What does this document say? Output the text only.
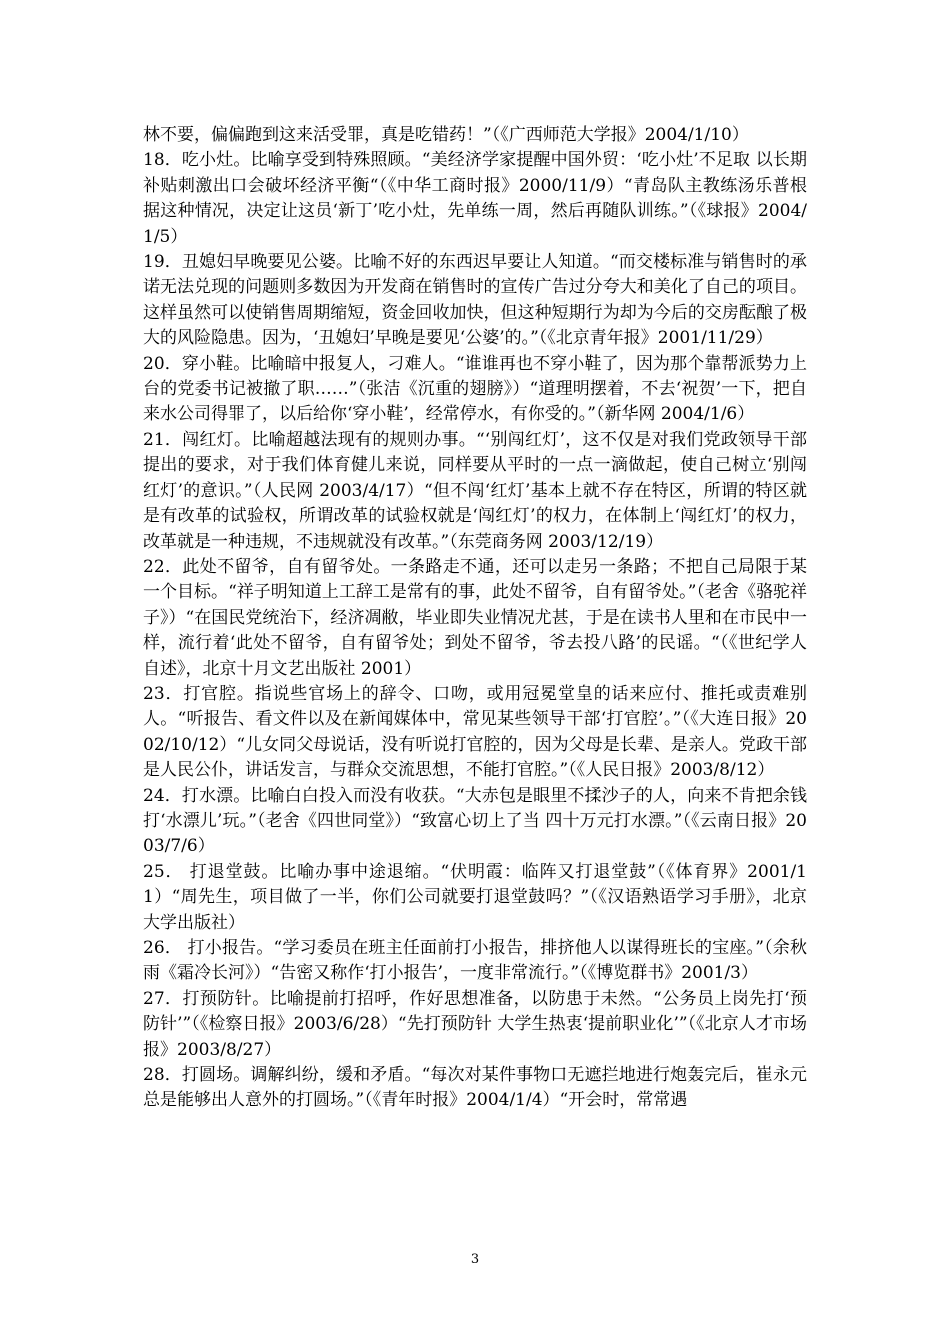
林不要，偏偏跑到这来活受罪，真是吃错药！”（《广西师范大学报》2004/1/10）

18．吃小灶。比喻享受到特殊照顾。“美经济学家提醒中国外贸：‘吃小灶’不足取 以长期补贴刺激出口会破坏经济平衡“（《中华工商时报》2000/11/9）“青岛队主教练汤乐普根据这种情况，决定让这员‘新丁’吃小灶，先单练一周，然后再随队训练。”（《球报》2004/1/5）

19．丑媳妇早晚要见公婆。比喻不好的东西迟早要让人知道。“而交楼标准与销售时的承诺无法兑现的问题则多数因为开发商在销售时的宣传广告过分夸大和美化了自己的项目。这样虽然可以使销售周期缩短，资金回收加快，但这种短期行为却为今后的交房酝酿了极大的风险隐患。因为，‘丑媳妇’早晚是要见‘公婆’的。”（《北京青年报》2001/11/29）

20．穿小鞋。比喻暗中报复人，刁难人。“谁谁再也不穿小鞋了，因为那个靠帮派势力上台的党委书记被撤了职……”（张洁《沉重的翅膀》）“道理明摆着，不去‘祝贺’一下，把自来水公司得罪了，以后给你‘穿小鞋’，经常停水，有你受的。”（新华网 2004/1/6）

21．闯红灯。比喻超越法现有的规则办事。“‘别闯红灯’，这不仅是对我们党政领导干部提出的要求，对于我们体育健儿来说，同样要从平时的一点一滴做起，使自己树立‘别闯红灯’的意识。”（人民网 2003/4/17）“但不闯‘红灯’基本上就不存在特区，所谓的特区就是有改革的试验权，所谓改革的试验权就是‘闯红灯’的权力，在体制上‘闯红灯’的权力，改革就是一种违规，不违规就没有改革。”（东莞商务网 2003/12/19）

22．此处不留爷，自有留爷处。一条路走不通，还可以走另一条路；不把自己局限于某一个目标。“祥子明知道上工辞工是常有的事，此处不留爷，自有留爷处。”（老舍《骆驼祥子》）“在国民党统治下，经济凋敝，毕业即失业情况尤甚，于是在读书人里和在市民中一样，流行着‘此处不留爷，自有留爷处；到处不留爷，爷去投八路’的民谣。“（《世纪学人自述》，北京十月文艺出版社 2001）

23．打官腔。指说些官场上的辞令、口吻，或用冠冕堂皇的话来应付、推托或责难别人。“听报告、看文件以及在新闻媒体中，常见某些领导干部‘打官腔’。”（《大连日报》2002/10/12）“儿女同父母说话，没有听说打官腔的，因为父母是长辈、是亲人。党政干部是人民公仆，讲话发言，与群众交流思想，不能打官腔。”（《人民日报》2003/8/12）

24．打水漂。比喻白白投入而没有收获。“大赤包是眼里不揉沙子的人，向来不肯把余钱打‘水漂儿’玩。”（老舍《四世同堂》）“致富心切上了当 四十万元打水漂。”（《云南日报》2003/7/6）

25． 打退堂鼓。比喻办事中途退缩。“伏明霞：临阵又打退堂鼓”（《体育界》2001/11）“周先生，项目做了一半，你们公司就要打退堂鼓吗？”（《汉语熟语学习手册》，北京大学出版社）

26． 打小报告。“学习委员在班主任面前打小报告，排挤他人以谋得班长的宝座。”（余秋雨《霜冷长河》）“告密又称作‘打小报告’，一度非常流行。”（《博览群书》2001/3）

27．打预防针。比喻提前打招呼，作好思想准备，以防患于未然。“公务员上岗先打‘预防针’”（《检察日报》2003/6/28）“先打预防针 大学生热衷‘提前职业化’”（《北京人才市场报》2003/8/27）

28．打圆场。调解纠纷，缓和矛盾。“每次对某件事物口无遮拦地进行炮轰完后，崔永元总是能够出人意外的打圆场。”（《青年时报》2004/1/4）“开会时，常常遇

3
